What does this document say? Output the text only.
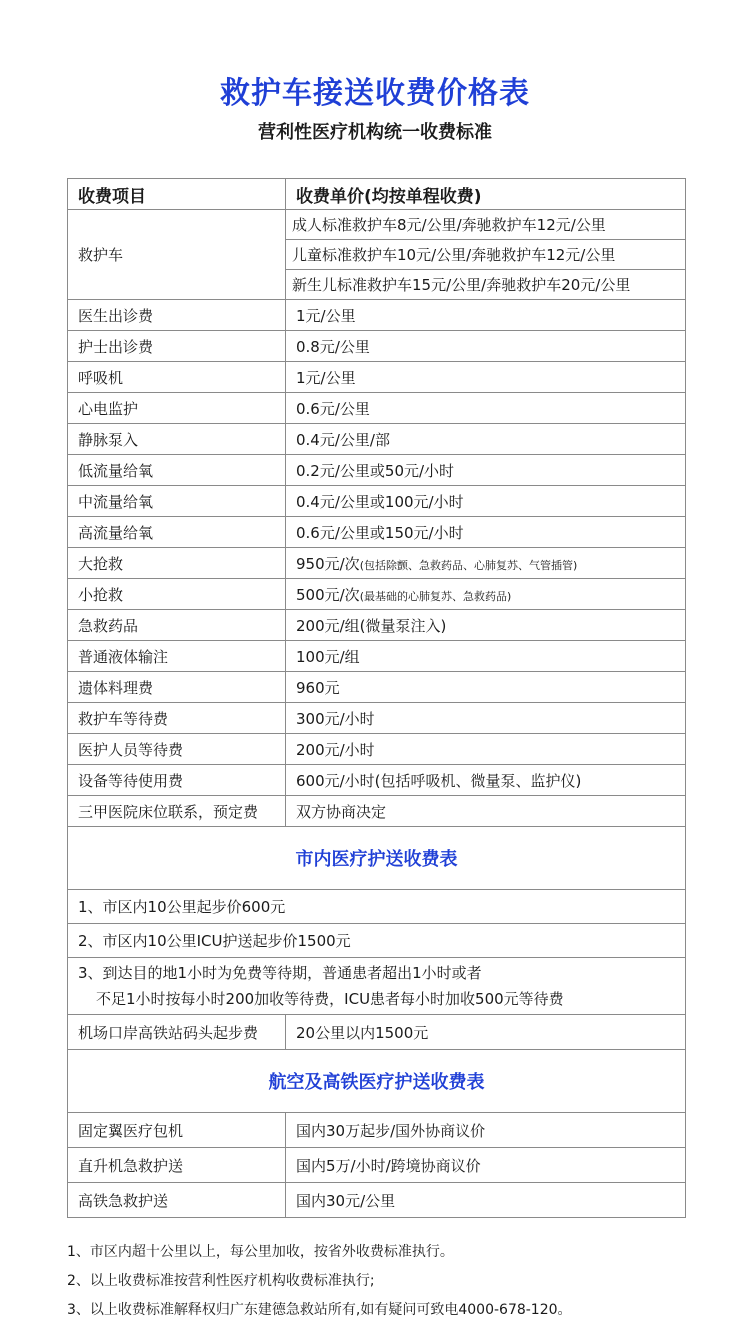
救护车接送收费价格表
营利性医疗机构统一收费标准
收费项目	收费单价(均按单程收费)
救护车	成人标准救护车8元/公里/奔驰救护车12元/公里
	儿童标准救护车10元/公里/奔驰救护车12元/公里
	新生儿标准救护车15元/公里/奔驰救护车20元/公里
医生出诊费	1元/公里
护士出诊费	0.8元/公里
呼吸机	1元/公里
心电监护	0.6元/公里
静脉泵入	0.4元/公里/部
低流量给氧	0.2元/公里或50元/小时
中流量给氧	0.4元/公里或100元/小时
高流量给氧	0.6元/公里或150元/小时
大抢救	950元/次(包括除颤、急救药品、心肺复苏、气管插管)
小抢救	500元/次(最基础的心肺复苏、急救药品)
急救药品	200元/组(微量泵注入)
普通液体输注	100元/组
遗体料理费	960元
救护车等待费	300元/小时
医护人员等待费	200元/小时
设备等待使用费	600元/小时(包括呼吸机、微量泵、监护仪)
三甲医院床位联系，预定费	双方协商决定
市内医疗护送收费表	
1、市区内10公里起步价600元	
2、市区内10公里ICU护送起步价1500元	

3、到达目的地1小时为免费等待期，普通患者超出1小时或者
不足1小时按每小时200加收等待费，ICU患者每小时加收500元等待费	

机场口岸高铁站码头起步费	20公里以内1500元
航空及高铁医疗护送收费表	
固定翼医疗包机	国内30万起步/国外协商议价
直升机急救护送	国内5万/小时/跨境协商议价
高铁急救护送	国内30元/公里
1、市区内超十公里以上，每公里加收，按省外收费标准执行。
2、以上收费标准按营利性医疗机构收费标准执行;
3、以上收费标准解释权归广东建德急救站所有,如有疑问可致电4000-678-120。
